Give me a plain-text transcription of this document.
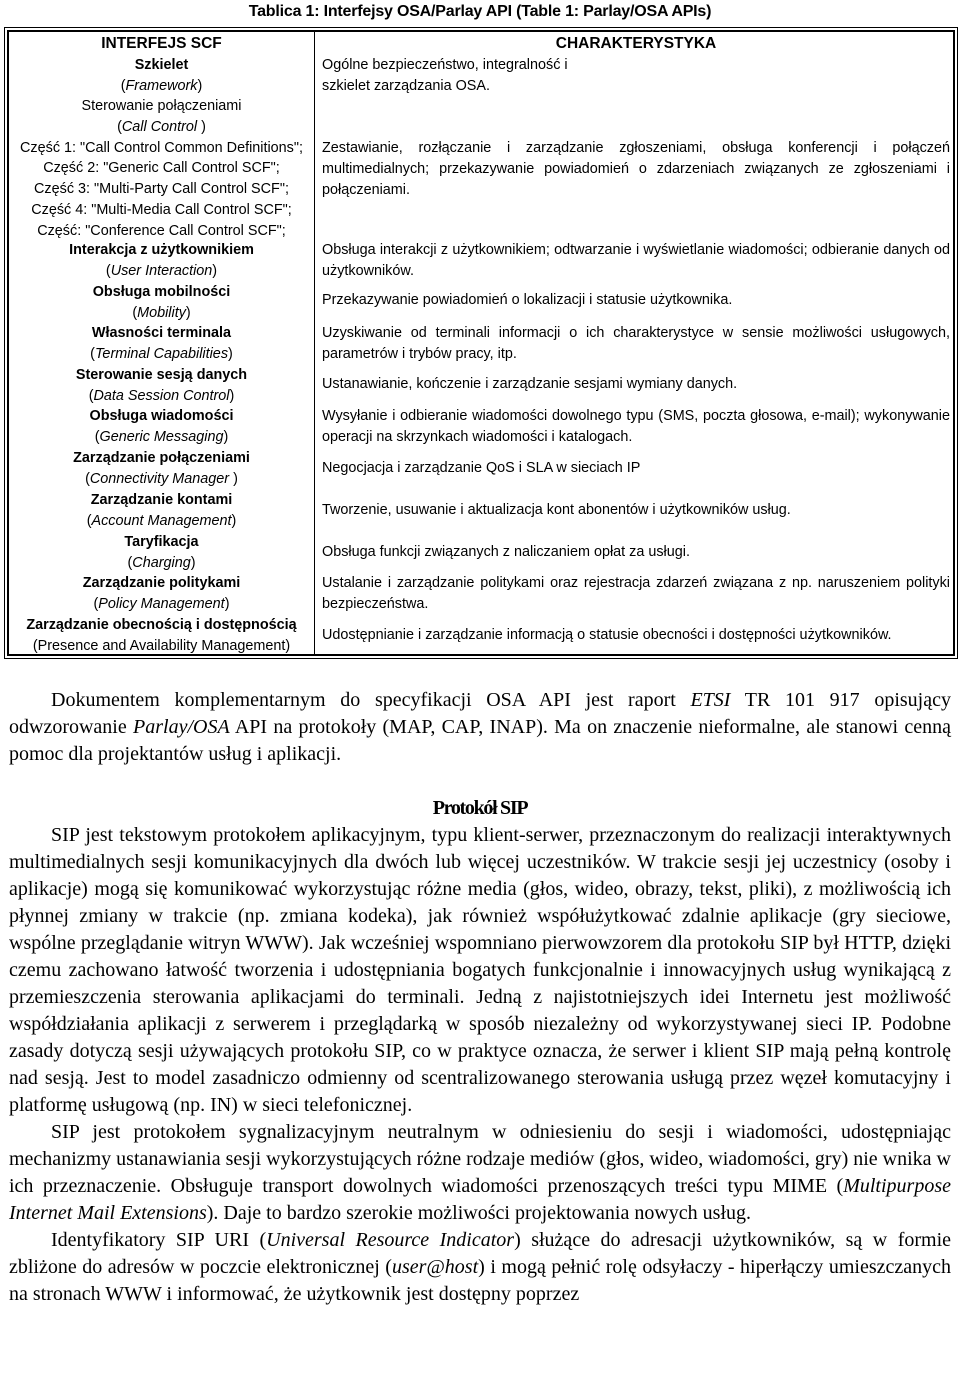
Tablica 1: Interfejsy OSA/Parlay API (Table 1: Parlay/OSA APIs)
INTERFEJS SCF	CHARAKTERYSTYKA
Szkielet
(Framework)
Ogólne bezpieczeństwo, integralność i szkielet zarządzania OSA.
Sterowanie połączeniami
(Call Control )
Część 1: "Call Control Common Definitions";
Część 2: "Generic Call Control SCF";
Część 3: "Multi-Party Call Control SCF";
Część 4: "Multi-Media Call Control SCF";
Część: "Conference Call Control SCF";
Zestawianie, rozłączanie i zarządzanie zgłoszeniami, obsługa konferencji i połączeń multimedialnych; przekazywanie powiadomień o zdarzeniach związanych ze zgłoszeniami i połączeniami.
Interakcja z użytkownikiem
(User Interaction)
Obsługa interakcji z użytkownikiem; odtwarzanie i wyświetlanie wiadomości; odbieranie danych od użytkowników.
Obsługa mobilności
(Mobility)
Przekazywanie powiadomień o lokalizacji i statusie użytkownika.
Własności terminala
(Terminal Capabilities)
Uzyskiwanie od terminali informacji o ich charakterystyce w sensie możliwości usługowych, parametrów i trybów pracy, itp.
Sterowanie sesją danych
(Data Session Control)
Ustanawianie, kończenie i zarządzanie sesjami wymiany danych.
Obsługa wiadomości
(Generic Messaging)
Wysyłanie i odbieranie wiadomości dowolnego typu (SMS, poczta głosowa, e-mail); wykonywanie operacji na skrzynkach wiadomości i katalogach.
Zarządzanie połączeniami
(Connectivity Manager )
Negocjacja i zarządzanie QoS i SLA w sieciach IP
Zarządzanie kontami
(Account Management)
Tworzenie, usuwanie i aktualizacja kont abonentów i użytkowników usług.
Taryfikacja
(Charging)
Obsługa funkcji związanych z naliczaniem opłat za usługi.
Zarządzanie politykami
(Policy Management)
Ustalanie i zarządzanie politykami oraz rejestracja zdarzeń związana z np. naruszeniem polityki bezpieczeństwa.
Zarządzanie obecnością i dostępnością
(Presence and Availability Management)
Udostępnianie i zarządzanie informacją o statusie obecności i dostępności użytkowników.

Dokumentem komplementarnym do specyfikacji OSA API jest raport ETSI TR 101 917 opisujący odwzorowanie Parlay/OSA API na protokoły (MAP, CAP, INAP). Ma on znaczenie nieformalne, ale stanowi cenną pomoc dla projektantów usług i aplikacji.

Protokół SIP

SIP jest tekstowym protokołem aplikacyjnym, typu klient-serwer, przeznaczonym do realizacji interaktywnych multimedialnych sesji komunikacyjnych dla dwóch lub więcej uczestników. W trakcie sesji jej uczestnicy (osoby i aplikacje) mogą się komunikować wykorzystując różne media (głos, wideo, obrazy, tekst, pliki), z możliwością ich płynnej zmiany w trakcie (np. zmiana kodeka), jak również współużytkować zdalnie aplikacje (gry sieciowe, wspólne przeglądanie witryn WWW). Jak wcześniej wspomniano pierwowzorem dla protokołu SIP był HTTP, dzięki czemu zachowano łatwość tworzenia i udostępniania bogatych funkcjonalnie i innowacyjnych usług wynikającą z przemieszczenia sterowania aplikacjami do terminali. Jedną z najistotniejszych idei Internetu jest możliwość współdziałania aplikacji z serwerem i przeglądarką w sposób niezależny od wykorzystywanej sieci IP. Podobne zasady dotyczą sesji używających protokołu SIP, co w praktyce oznacza, że serwer i klient SIP mają pełną kontrolę nad sesją. Jest to model zasadniczo odmienny od scentralizowanego sterowania usługą przez węzeł komutacyjny i platformę usługową (np. IN) w sieci telefonicznej.

SIP jest protokołem sygnalizacyjnym neutralnym w odniesieniu do sesji i wiadomości, udostępniając mechanizmy ustanawiania sesji wykorzystujących różne rodzaje mediów (głos, wideo, wiadomości, gry) nie wnika w ich przeznaczenie. Obsługuje transport dowolnych wiadomości przenoszących treści typu MIME (Multipurpose Internet Mail Extensions). Daje to bardzo szerokie możliwości projektowania nowych usług.

Identyfikatory SIP URI (Universal Resource Indicator) służące do adresacji użytkowników, są w formie zbliżone do adresów w poczcie elektronicznej (user@host) i mogą pełnić rolę odsyłaczy - hiperłączy umieszczanych na stronach WWW i informować, że użytkownik jest dostępny poprzez
